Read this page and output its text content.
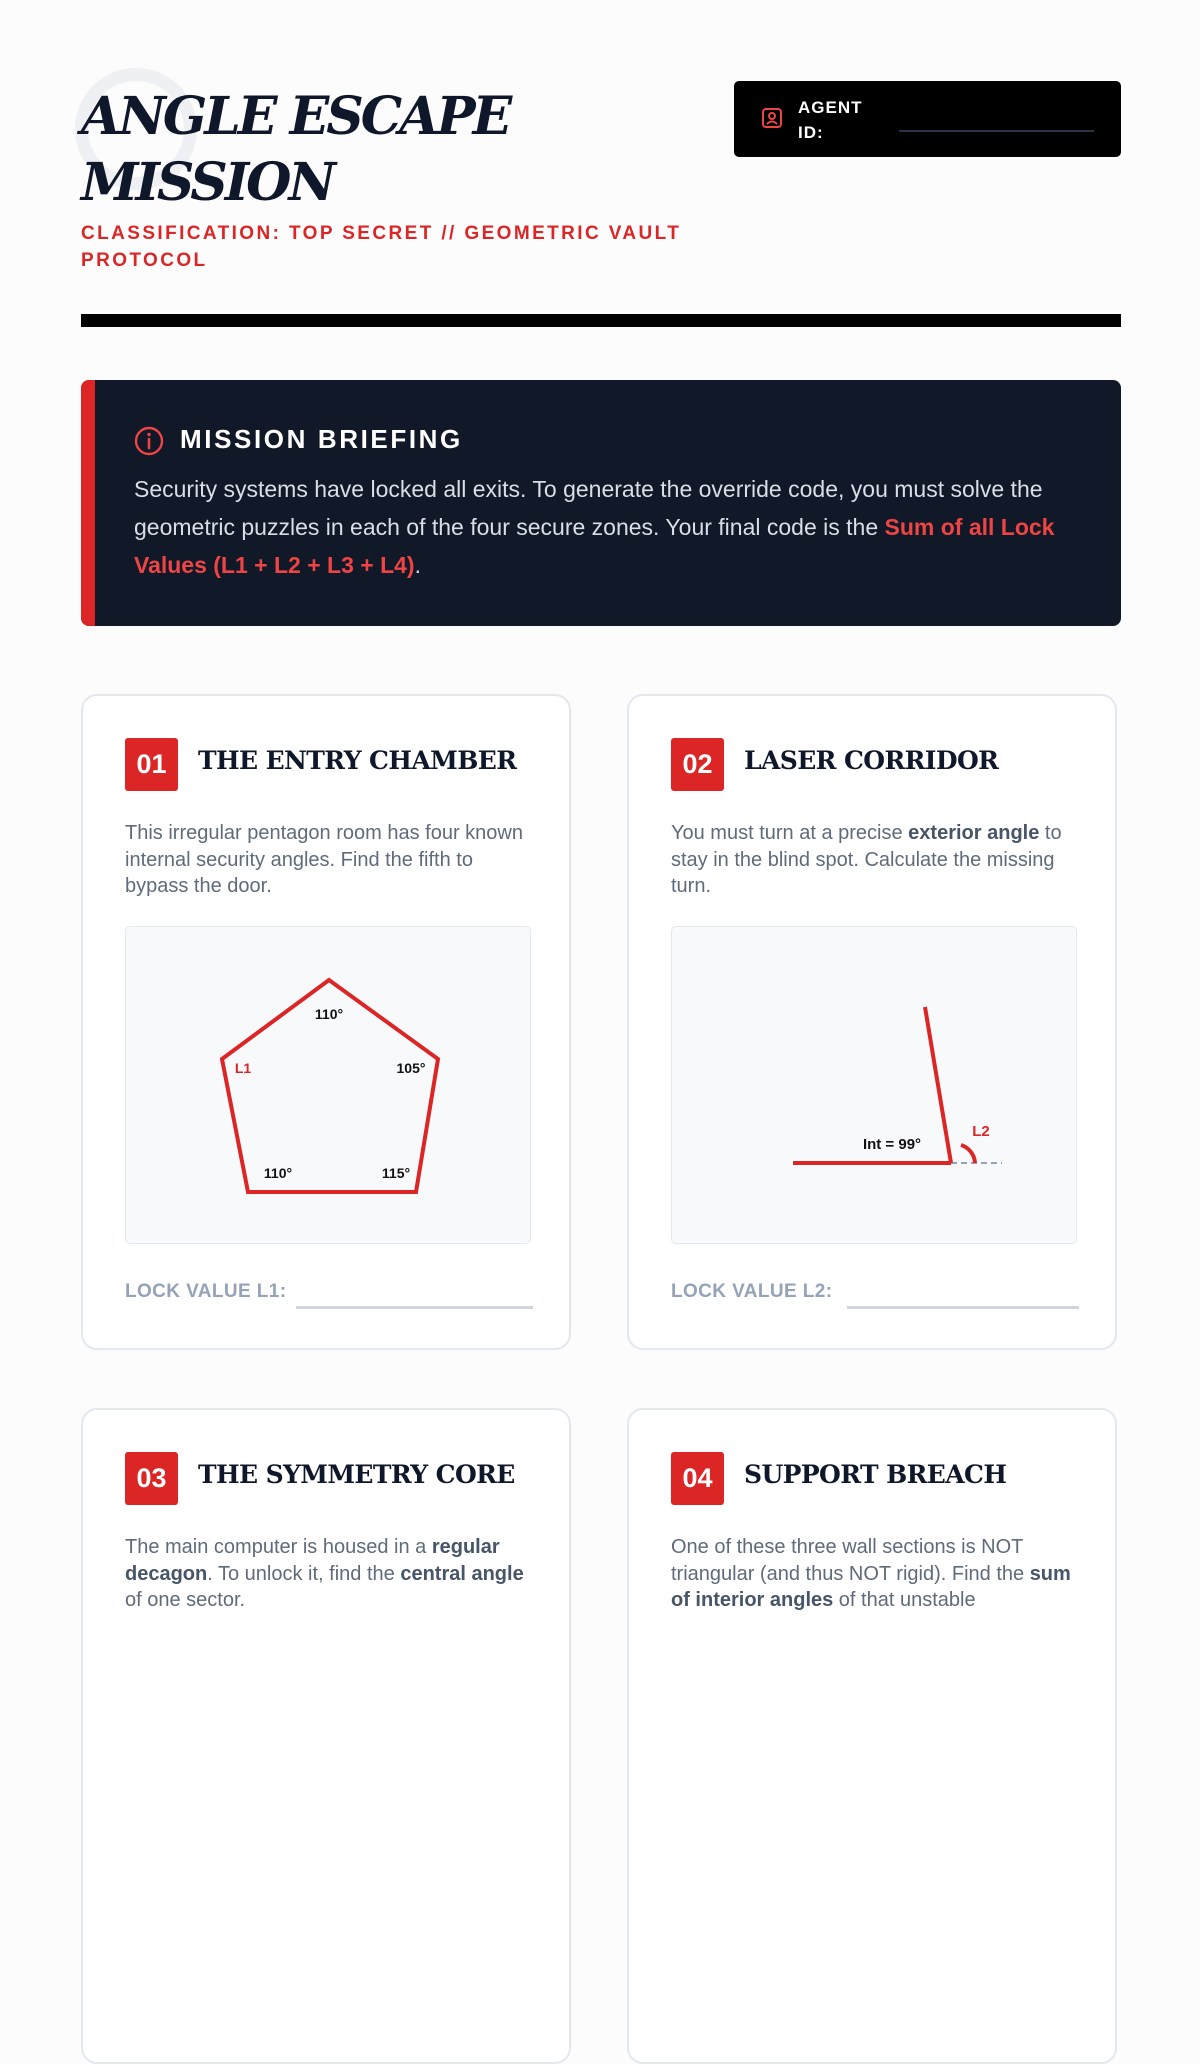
ANGLE ESCAPE MISSION
CLASSIFICATION: TOP SECRET // GEOMETRIC VAULT PROTOCOL
AGENT ID:
MISSION BRIEFING

Security systems have locked all exits. To generate the override code, you must solve the geometric puzzles in each of the four secure zones. Your final code is the Sum of all Lock Values (L1 + L2 + L3 + L4).

01	THE ENTRY CHAMBER

This irregular pentagon room has four known internal security angles. Find the fifth to bypass the door.

110°
105°
110°	115°
L1
LOCK VALUE L1:
02	LASER CORRIDOR

You must turn at a precise exterior angle to stay in the blind spot. Calculate the missing turn.

Int = 99°
L2
LOCK VALUE L2:
03	THE SYMMETRY CORE

The main computer is housed in a regular decagon. To unlock it, find the central angle of one sector.

04	SUPPORT BREACH

One of these three wall sections is NOT triangular (and thus NOT rigid). Find the sum of interior angles of that unstable
